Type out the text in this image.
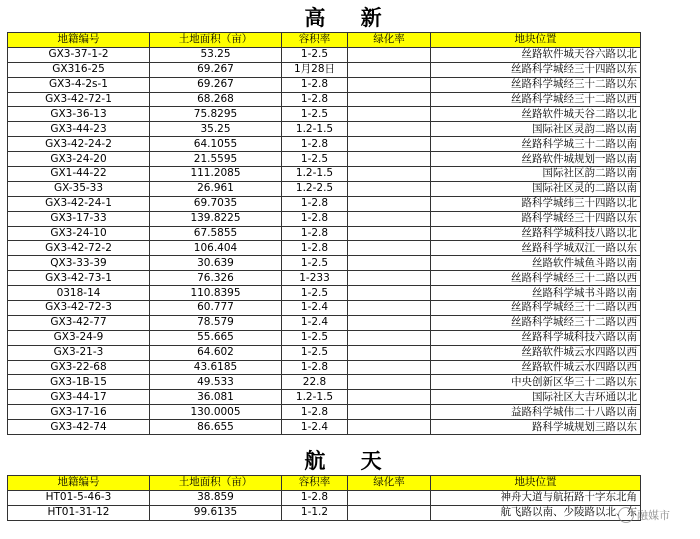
高 新
地籍编号	土地面积（亩）	容积率	绿化率	地块位置
GX3-37-1-2	53.25	1-2.5		丝路软件城天谷六路以北
GX316-25	69.267	1月28日		丝路科学城经三十四路以东
GX3-4-2s-1	69.267	1-2.8		丝路科学城经三十二路以东
GX3-42-72-1	68.268	1-2.8		丝路科学城经三十二路以西
GX3-36-13	75.8295	1-2.5		丝路软件城天谷二路以北
GX3-44-23	35.25	1.2-1.5		国际社区灵韵二路以南
GX3-42-24-2	64.1055	1-2.8		丝路科学城三十二路以南
GX3-24-20	21.5595	1-2.5		丝路软件城规划一路以南
GX1-44-22	111.2085	1.2-1.5		国际社区韵二路以南
GX-35-33	26.961	1.2-2.5		国际社区灵的二路以南
GX3-42-24-1	69.7035	1-2.8		路科学城纬三十四路以北
GX3-17-33	139.8225	1-2.8		路科学城经三十四路以东
GX3-24-10	67.5855	1-2.8		丝路科学城科技八路以北
GX3-42-72-2	106.404	1-2.8		丝路科学城双江一路以东
QX3-33-39	30.639	1-2.5		丝路软件城鱼斗路以南
GX3-42-73-1	76.326	1-233		丝路科学城经三十二路以西
0318-14	110.8395	1-2.5		丝路科学城书斗路以南
GX3-42-72-3	60.777	1-2.4		丝路科学城经三十二路以西
GX3-42-77	78.579	1-2.4		丝路科学城经三十二路以西
GX3-24-9	55.665	1-2.5		丝路科学城科技六路以南
GX3-21-3	64.602	1-2.5		丝路软件城云水四路以西
GX3-22-68	43.6185	1-2.8		丝路软件城云水四路以西
GX3-1B-15	49.533	22.8		中央创新区华三十二路以东
GX3-44-17	36.081	1.2-1.5		国际社区大吉环通以北
GX3-17-16	130.0005	1-2.8		益路科学城伟二十八路以南
GX3-42-74	86.655	1-2.4		路科学城规划三路以东
航 天
地籍编号	土地面积（亩）	容积率	绿化率	地块位置
HT01-5-46-3	38.859	1-2.8		神舟大道与航拓路十字东北角
HT01-31-12	99.6135	1-1.2		航飞路以南、少陵路以北、东 融媒市
